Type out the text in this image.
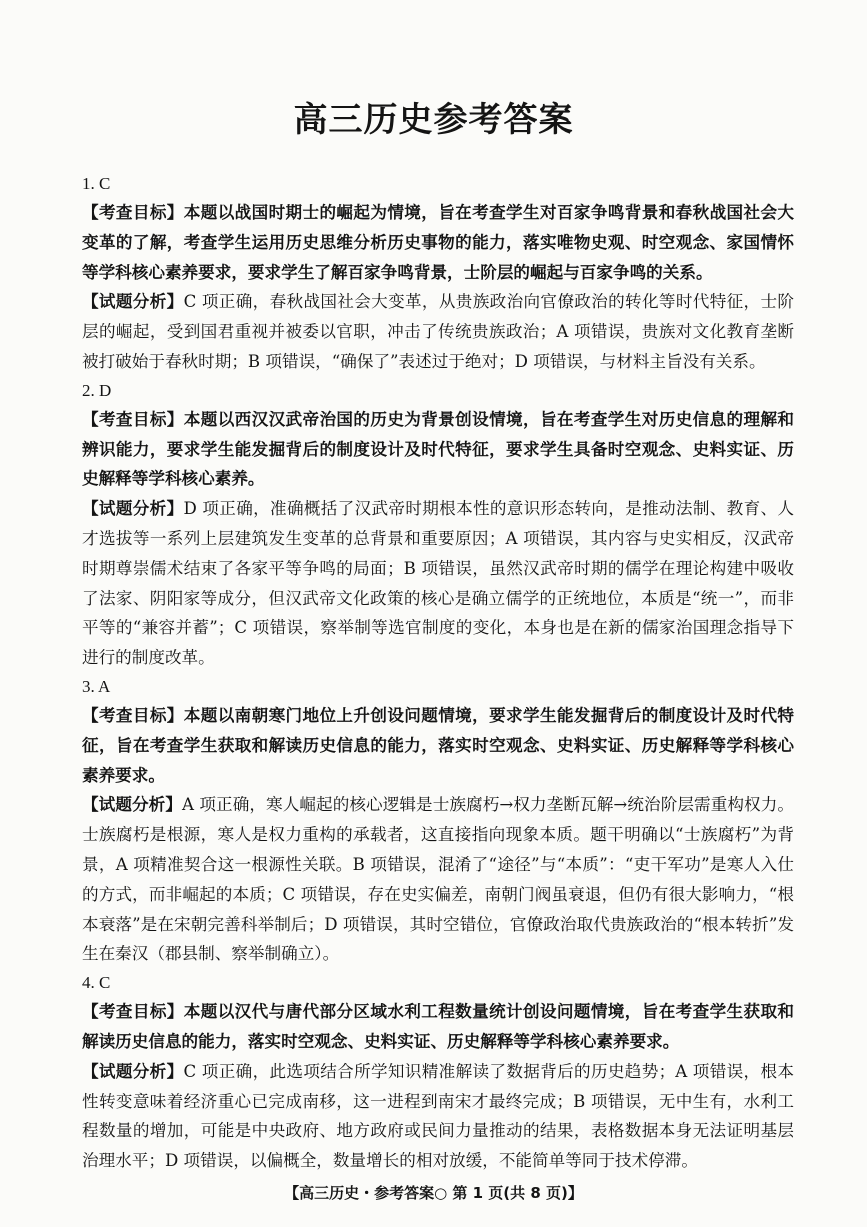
高三历史参考答案

1. C

【考查目标】本题以战国时期士的崛起为情境，旨在考查学生对百家争鸣背景和春秋战国社会大变革的了解，考查学生运用历史思维分析历史事物的能力，落实唯物史观、时空观念、家国情怀等学科核心素养要求，要求学生了解百家争鸣背景，士阶层的崛起与百家争鸣的关系。

【试题分析】C 项正确，春秋战国社会大变革，从贵族政治向官僚政治的转化等时代特征，士阶层的崛起，受到国君重视并被委以官职，冲击了传统贵族政治；A 项错误，贵族对文化教育垄断被打破始于春秋时期；B 项错误，“确保了”表述过于绝对；D 项错误，与材料主旨没有关系。

2. D

【考查目标】本题以西汉汉武帝治国的历史为背景创设情境，旨在考查学生对历史信息的理解和辨识能力，要求学生能发掘背后的制度设计及时代特征，要求学生具备时空观念、史料实证、历史解释等学科核心素养。

【试题分析】D 项正确，准确概括了汉武帝时期根本性的意识形态转向，是推动法制、教育、人才选拔等一系列上层建筑发生变革的总背景和重要原因；A 项错误，其内容与史实相反，汉武帝时期尊崇儒术结束了各家平等争鸣的局面；B 项错误，虽然汉武帝时期的儒学在理论构建中吸收了法家、阴阳家等成分，但汉武帝文化政策的核心是确立儒学的正统地位，本质是“统一”，而非平等的“兼容并蓄”；C 项错误，察举制等选官制度的变化，本身也是在新的儒家治国理念指导下进行的制度改革。

3. A

【考查目标】本题以南朝寒门地位上升创设问题情境，要求学生能发掘背后的制度设计及时代特征，旨在考查学生获取和解读历史信息的能力，落实时空观念、史料实证、历史解释等学科核心素养要求。

【试题分析】A 项正确，寒人崛起的核心逻辑是士族腐朽→权力垄断瓦解→统治阶层需重构权力。士族腐朽是根源，寒人是权力重构的承载者，这直接指向现象本质。题干明确以“士族腐朽”为背景，A 项精准契合这一根源性关联。B 项错误，混淆了“途径”与“本质”：“吏干军功”是寒人入仕的方式，而非崛起的本质；C 项错误，存在史实偏差，南朝门阀虽衰退，但仍有很大影响力，“根本衰落”是在宋朝完善科举制后；D 项错误，其时空错位，官僚政治取代贵族政治的“根本转折”发生在秦汉（郡县制、察举制确立）。

4. C

【考查目标】本题以汉代与唐代部分区域水利工程数量统计创设问题情境，旨在考查学生获取和解读历史信息的能力，落实时空观念、史料实证、历史解释等学科核心素养要求。

【试题分析】C 项正确，此选项结合所学知识精准解读了数据背后的历史趋势；A 项错误，根本性转变意味着经济重心已完成南移，这一进程到南宋才最终完成；B 项错误，无中生有，水利工程数量的增加，可能是中央政府、地方政府或民间力量推动的结果，表格数据本身无法证明基层治理水平；D 项错误，以偏概全，数量增长的相对放缓，不能简单等同于技术停滞。

【高三历史・参考答案○ 第 1 页(共 8 页)】
